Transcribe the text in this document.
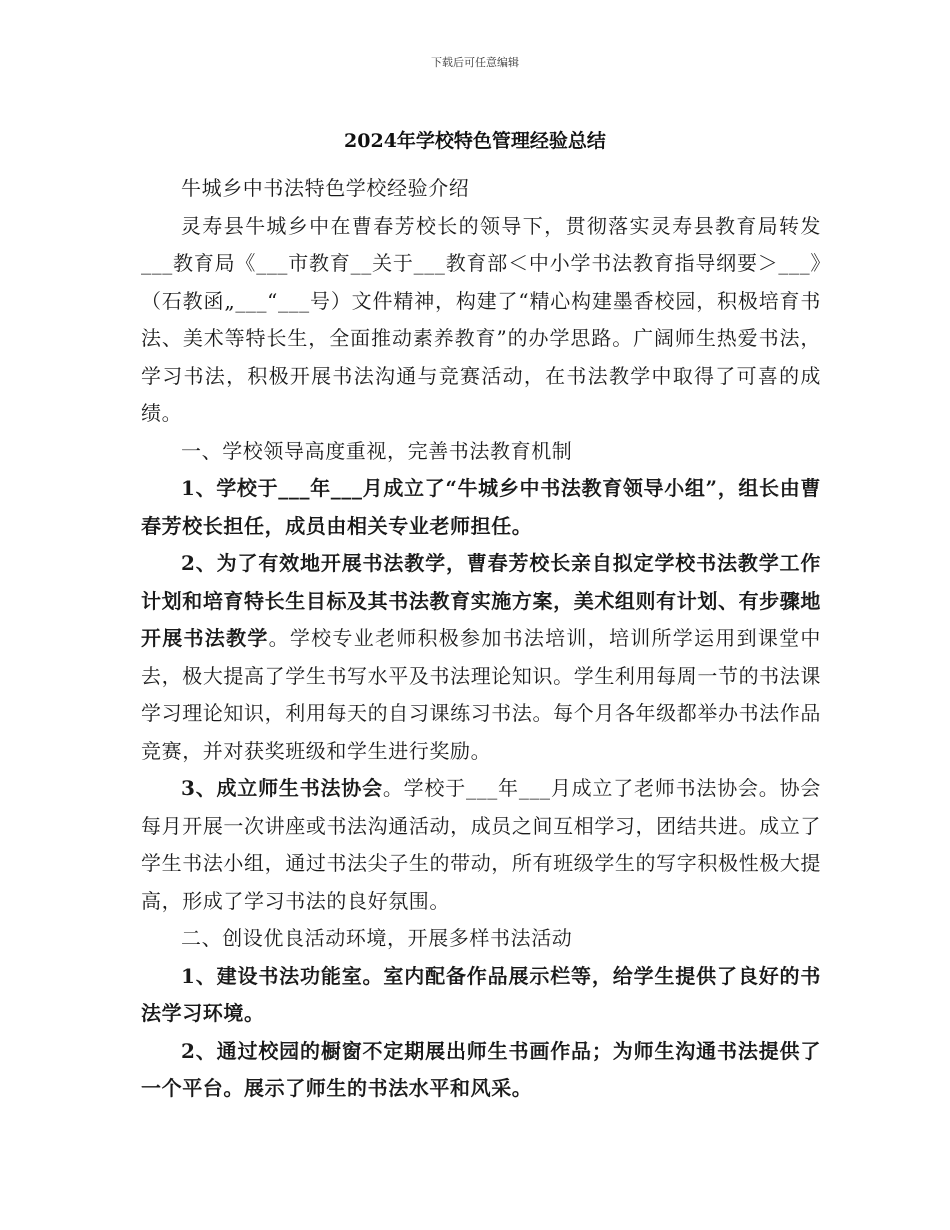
下载后可任意编辑
2024年学校特色管理经验总结

牛城乡中书法特色学校经验介绍

灵寿县牛城乡中在曹春芳校长的领导下，贯彻落实灵寿县教育局转发___教育局《___市教育__关于___教育部＜中小学书法教育指导纲要＞___》（石教函„___“___号）文件精神，构建了“精心构建墨香校园，积极培育书法、美术等特长生，全面推动素养教育”的办学思路。广阔师生热爱书法，学习书法，积极开展书法沟通与竞赛活动，在书法教学中取得了可喜的成绩。

一、学校领导高度重视，完善书法教育机制

1、学校于___年___月成立了“牛城乡中书法教育领导小组”，组长由曹春芳校长担任，成员由相关专业老师担任。

2、为了有效地开展书法教学，曹春芳校长亲自拟定学校书法教学工作计划和培育特长生目标及其书法教育实施方案，美术组则有计划、有步骤地开展书法教学。学校专业老师积极参加书法培训，培训所学运用到课堂中去，极大提高了学生书写水平及书法理论知识。学生利用每周一节的书法课学习理论知识，利用每天的自习课练习书法。每个月各年级都举办书法作品竞赛，并对获奖班级和学生进行奖励。

3、成立师生书法协会。学校于___年___月成立了老师书法协会。协会每月开展一次讲座或书法沟通活动，成员之间互相学习，团结共进。成立了学生书法小组，通过书法尖子生的带动，所有班级学生的写字积极性极大提高，形成了学习书法的良好氛围。

二、创设优良活动环境，开展多样书法活动

1、建设书法功能室。室内配备作品展示栏等，给学生提供了良好的书法学习环境。

2、通过校园的橱窗不定期展出师生书画作品；为师生沟通书法提供了一个平台。展示了师生的书法水平和风采。
